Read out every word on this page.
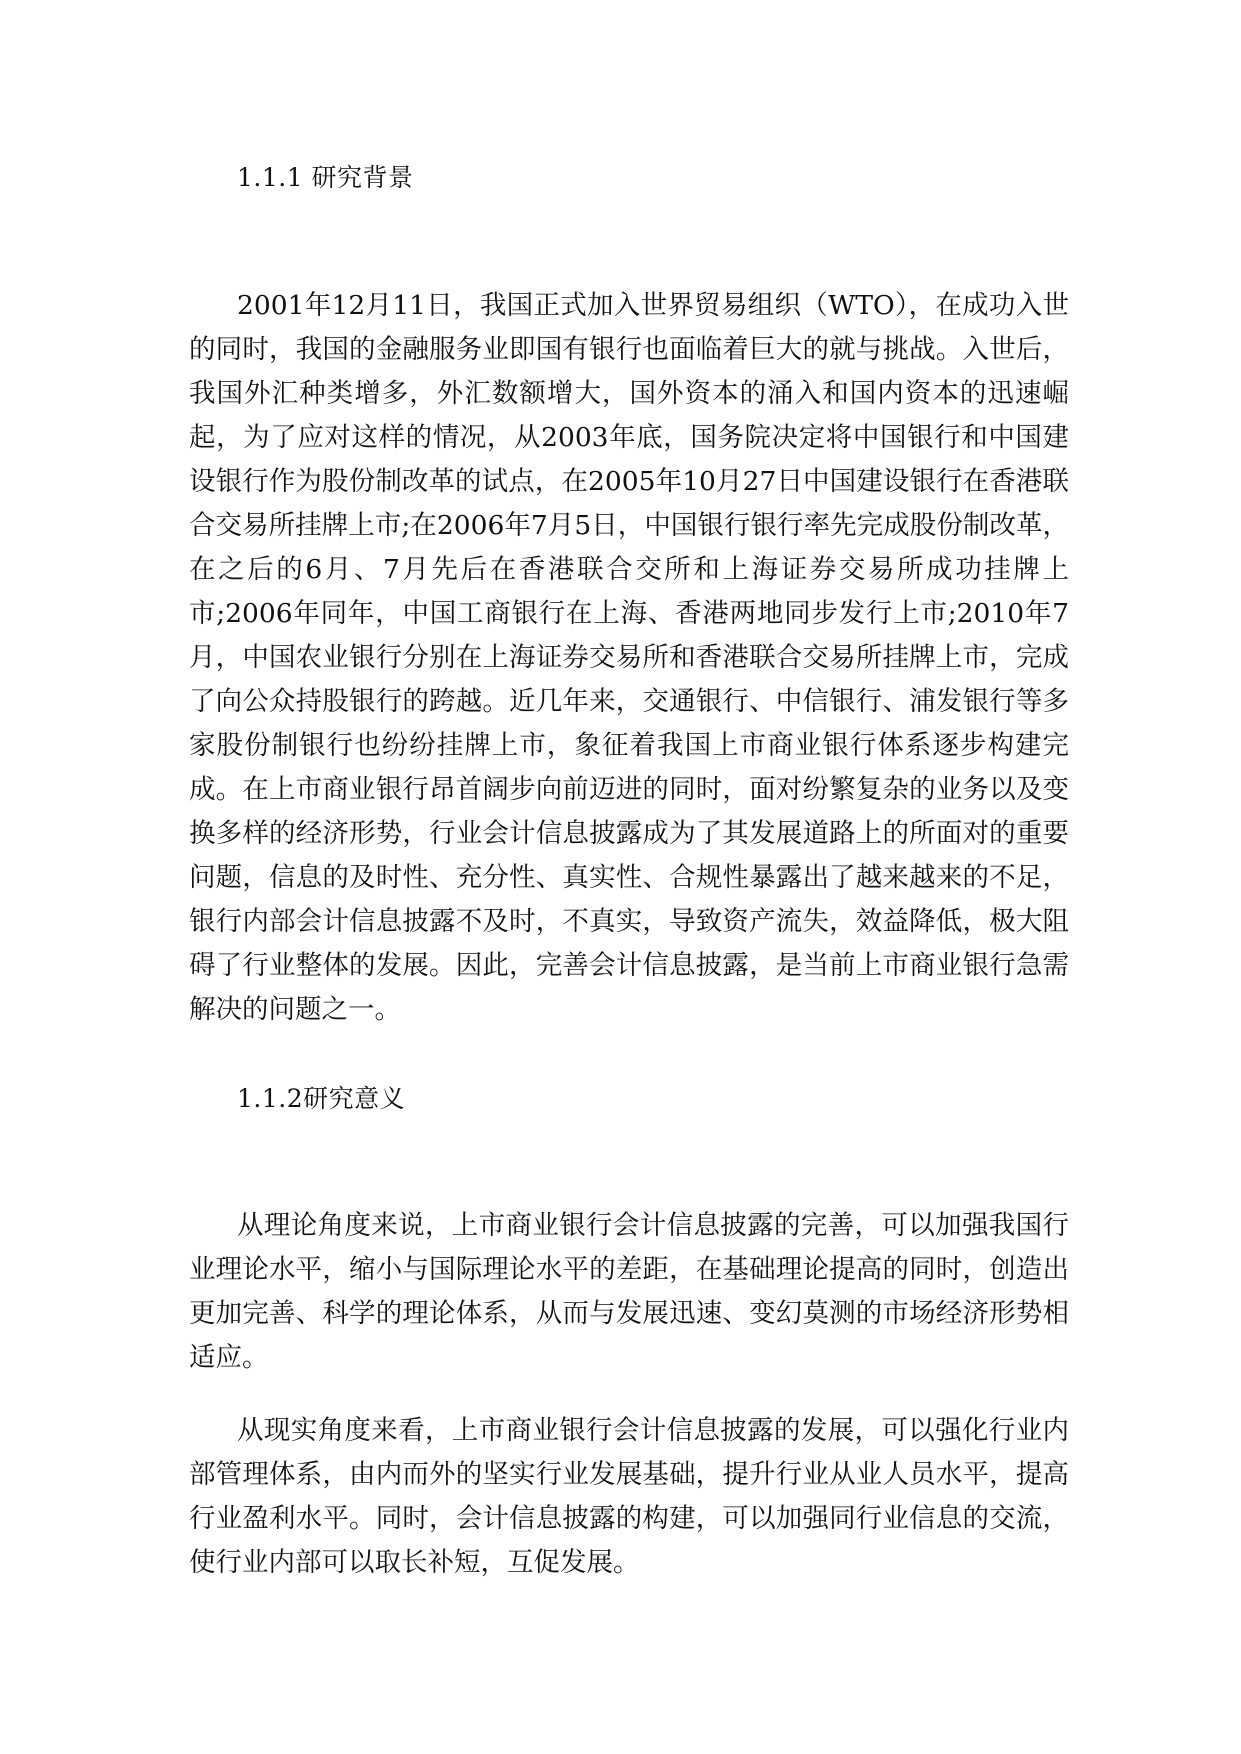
1.1.1 研究背景

2001年12月11日，我国正式加入世界贸易组织（WTO），在成功入世的同时，我国的金融服务业即国有银行也面临着巨大的就与挑战。入世后，我国外汇种类增多，外汇数额增大，国外资本的涌入和国内资本的迅速崛起，为了应对这样的情况，从2003年底，国务院决定将中国银行和中国建设银行作为股份制改革的试点，在2005年10月27日中国建设银行在香港联合交易所挂牌上市;在2006年7月5日，中国银行银行率先完成股份制改革，在之后的6月、7月先后在香港联合交所和上海证券交易所成功挂牌上市;2006年同年，中国工商银行在上海、香港两地同步发行上市;2010年7月，中国农业银行分别在上海证券交易所和香港联合交易所挂牌上市，完成了向公众持股银行的跨越。近几年来，交通银行、中信银行、浦发银行等多家股份制银行也纷纷挂牌上市，象征着我国上市商业银行体系逐步构建完成。在上市商业银行昂首阔步向前迈进的同时，面对纷繁复杂的业务以及变换多样的经济形势，行业会计信息披露成为了其发展道路上的所面对的重要问题，信息的及时性、充分性、真实性、合规性暴露出了越来越来的不足，银行内部会计信息披露不及时，不真实，导致资产流失，效益降低，极大阻碍了行业整体的发展。因此，完善会计信息披露，是当前上市商业银行急需解决的问题之一。

1.1.2研究意义

从理论角度来说，上市商业银行会计信息披露的完善，可以加强我国行业理论水平，缩小与国际理论水平的差距，在基础理论提高的同时，创造出更加完善、科学的理论体系，从而与发展迅速、变幻莫测的市场经济形势相适应。

从现实角度来看，上市商业银行会计信息披露的发展，可以强化行业内部管理体系，由内而外的坚实行业发展基础，提升行业从业人员水平，提高行业盈利水平。同时，会计信息披露的构建，可以加强同行业信息的交流，使行业内部可以取长补短，互促发展。
